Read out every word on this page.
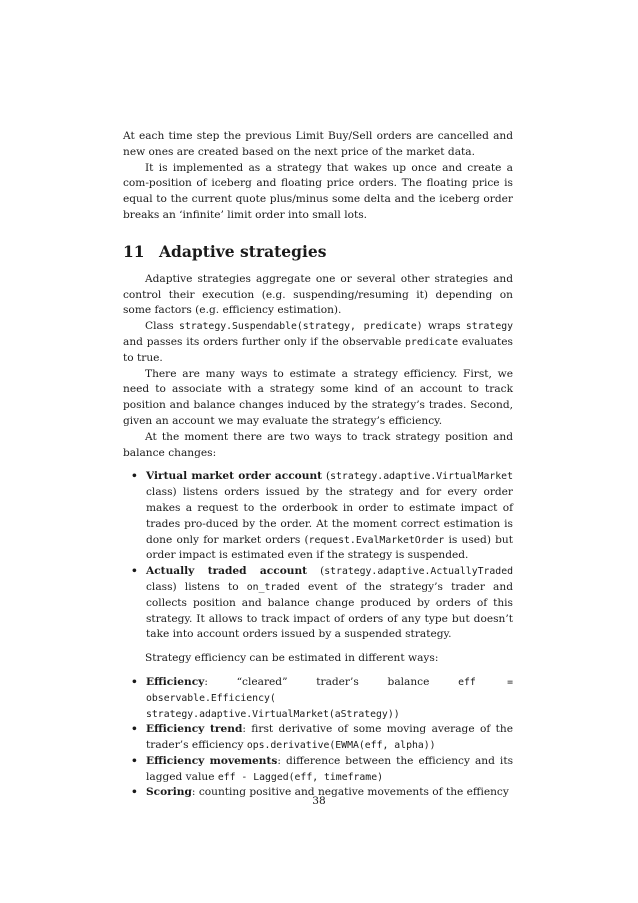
At each time step the previous Limit Buy/Sell orders are cancelled and new ones are created based on the next price of the market data.

It is implemented as a strategy that wakes up once and create a com-position of iceberg and floating price orders. The floating price is equal to the current quote plus/minus some delta and the iceberg order breaks an ‘infinite’ limit order into small lots.

11 Adaptive strategies

Adaptive strategies aggregate one or several other strategies and control their execution (e.g. suspending/resuming it) depending on some factors (e.g. efficiency estimation).

Class strategy.Suspendable(strategy, predicate) wraps strategy and passes its orders further only if the observable predicate evaluates to true.

There are many ways to estimate a strategy efficiency. First, we need to associate with a strategy some kind of an account to track position and balance changes induced by the strategy’s trades. Second, given an account we may evaluate the strategy’s efficiency.

At the moment there are two ways to track strategy position and balance changes:

• Virtual market order account (strategy.adaptive.VirtualMarket class) listens orders issued by the strategy and for every order makes a request to the orderbook in order to estimate impact of trades pro-duced by the order. At the moment correct estimation is done only for market orders (request.EvalMarketOrder is used) but order impact is estimated even if the strategy is suspended.
• Actually traded account (strategy.adaptive.ActuallyTraded class) listens to on_traded event of the strategy’s trader and collects position and balance change produced by orders of this strategy. It allows to track impact of orders of any type but doesn’t take into account orders issued by a suspended strategy.

Strategy efficiency can be estimated in different ways:

• Efficiency: “cleared” trader’s balance eff = observable.Efficiency( strategy.adaptive.VirtualMarket(aStrategy))
• Efficiency trend: first derivative of some moving average of the trader’s efficiency ops.derivative(EWMA(eff, alpha))
• Efficiency movements: difference between the efficiency and its lagged value eff - Lagged(eff, timeframe)
• Scoring: counting positive and negative movements of the effiency
38
